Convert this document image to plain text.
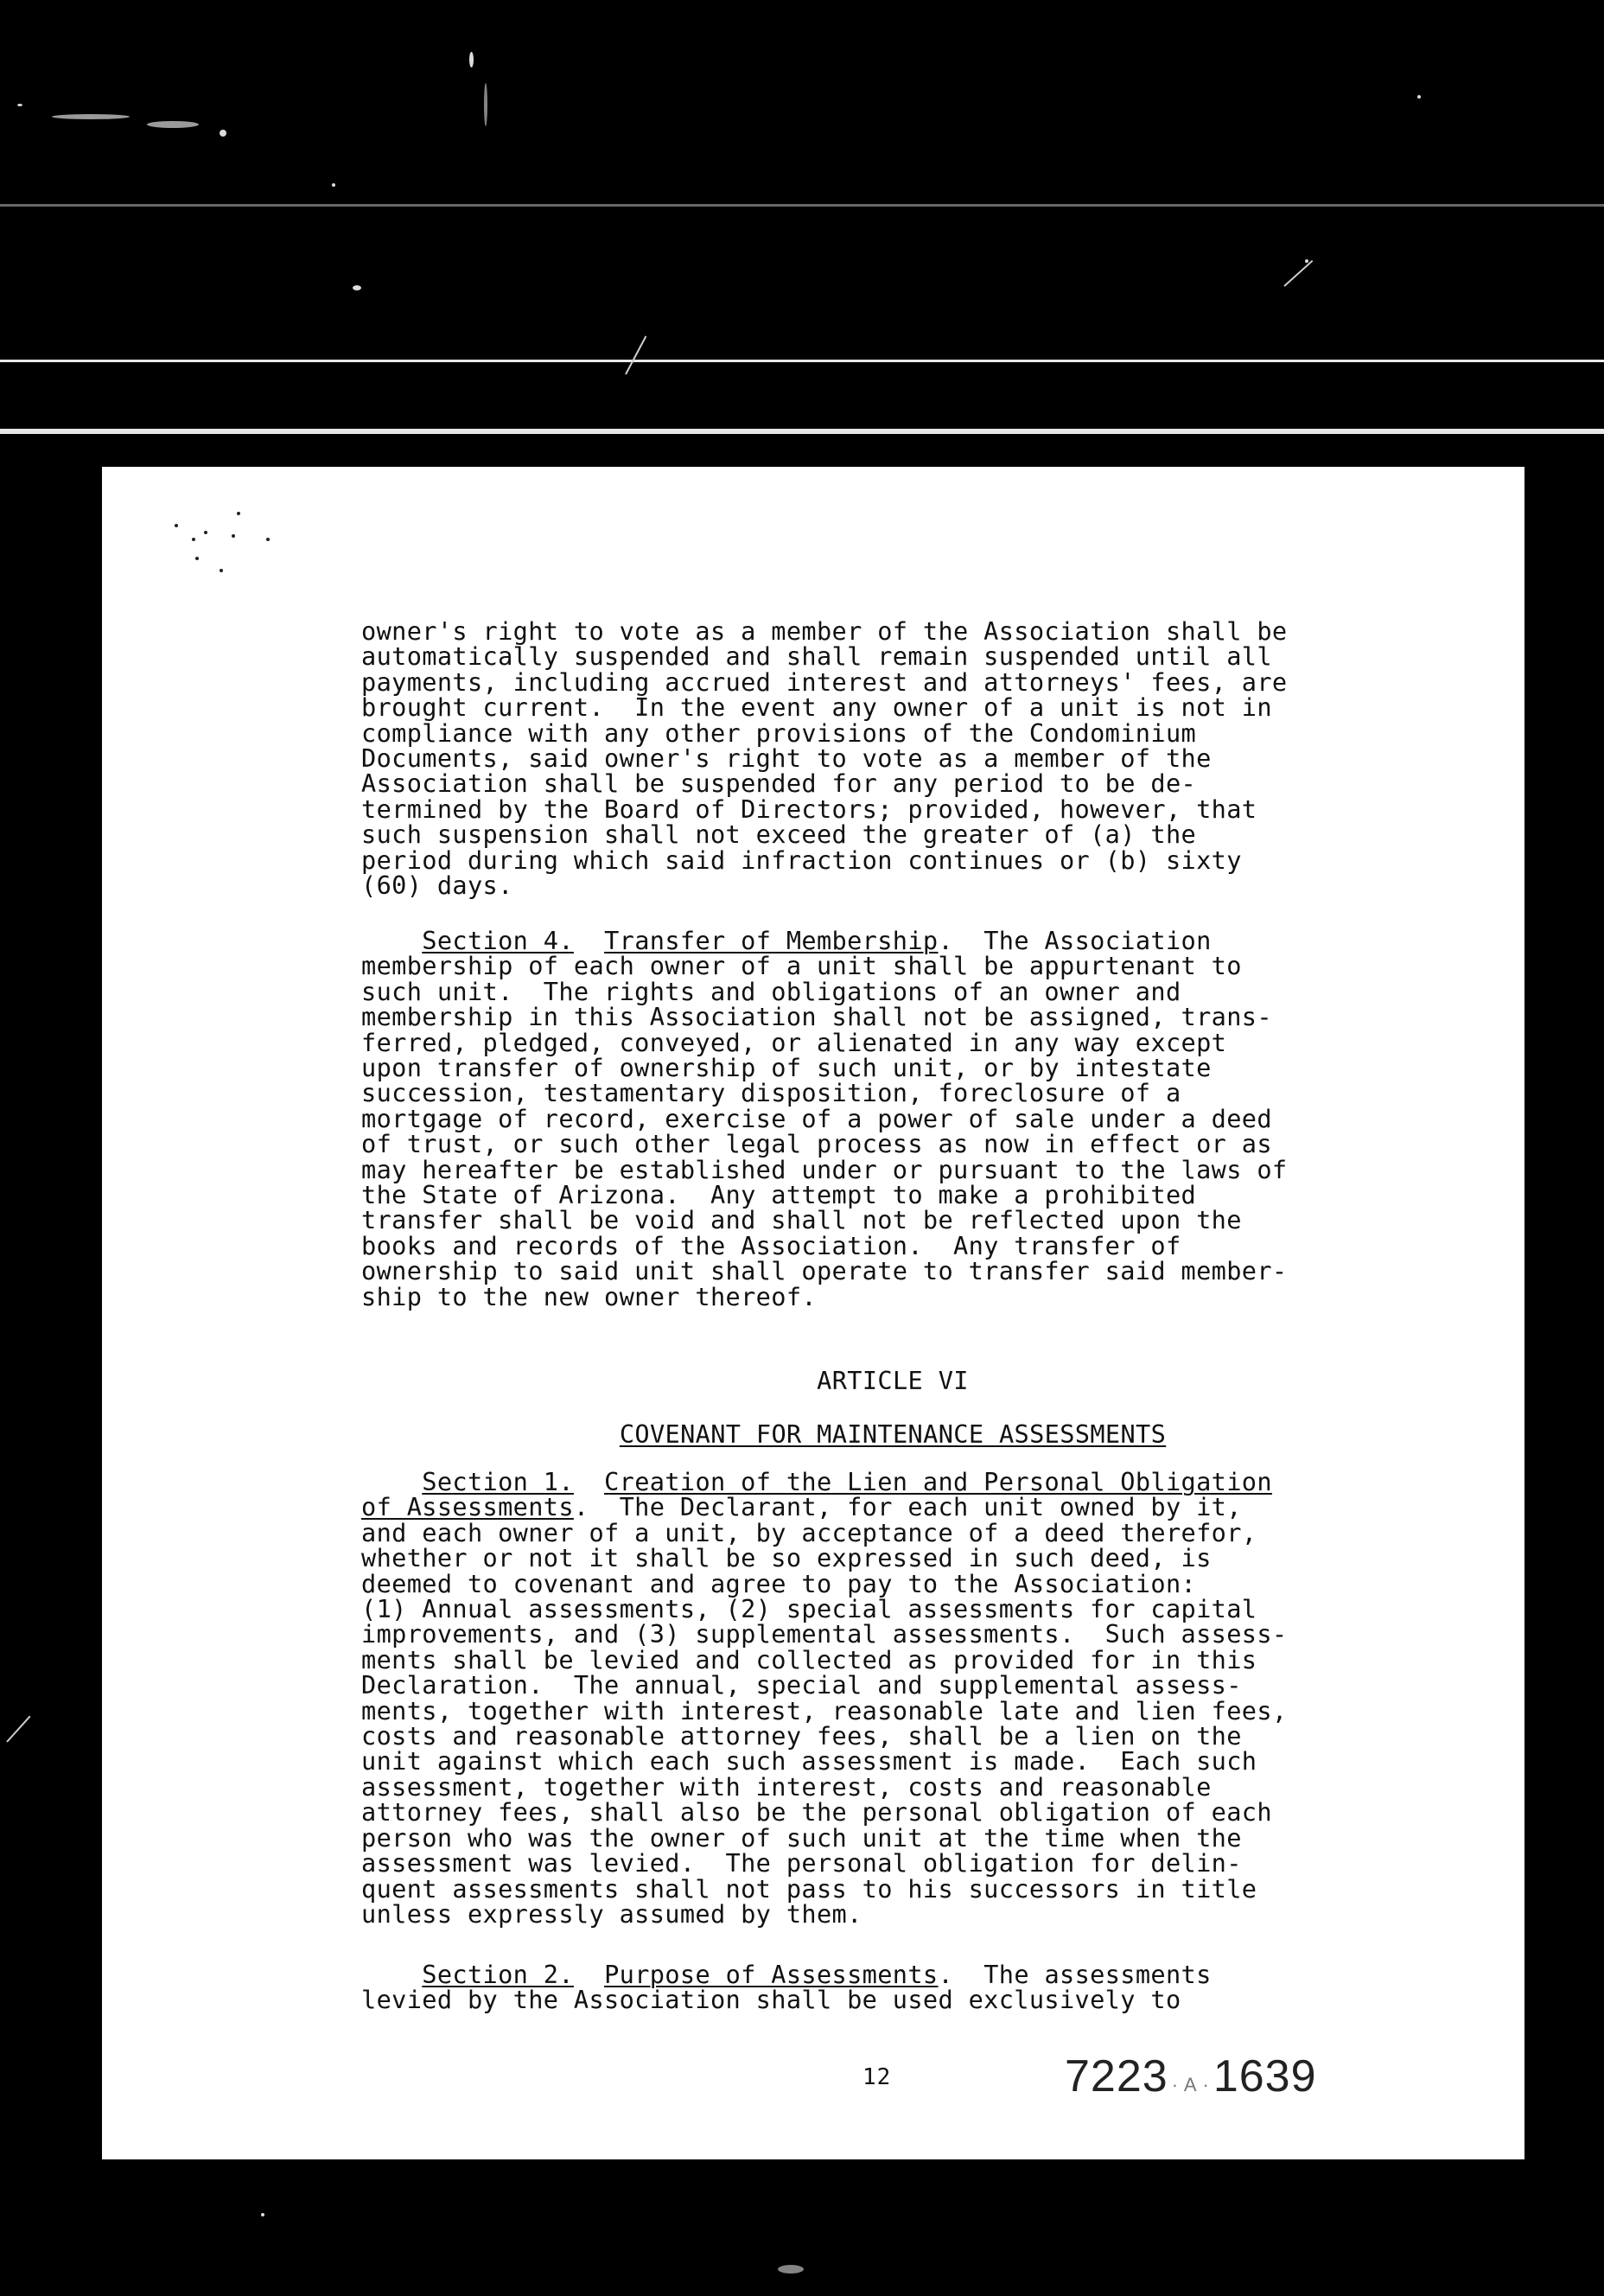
owner's right to vote as a member of the Association shall be
automatically suspended and shall remain suspended until all
payments, including accrued interest and attorneys' fees, are
brought current.  In the event any owner of a unit is not in
compliance with any other provisions of the Condominium
Documents, said owner's right to vote as a member of the
Association shall be suspended for any period to be de-
termined by the Board of Directors; provided, however, that
such suspension shall not exceed the greater of (a) the
period during which said infraction continues or (b) sixty
(60) days.
Section 4. Transfer of Membership.  The Association
membership of each owner of a unit shall be appurtenant to
such unit.  The rights and obligations of an owner and
membership in this Association shall not be assigned, trans-
ferred, pledged, conveyed, or alienated in any way except
upon transfer of ownership of such unit, or by intestate
succession, testamentary disposition, foreclosure of a
mortgage of record, exercise of a power of sale under a deed
of trust, or such other legal process as now in effect or as
may hereafter be established under or pursuant to the laws of
the State of Arizona.  Any attempt to make a prohibited
transfer shall be void and shall not be reflected upon the
books and records of the Association.  Any transfer of
ownership to said unit shall operate to transfer said member-
ship to the new owner thereof.
ARTICLE VI
COVENANT FOR MAINTENANCE ASSESSMENTS
Section 1. Creation of the Lien and Personal Obligation
of Assessments.  The Declarant, for each unit owned by it,
and each owner of a unit, by acceptance of a deed therefor,
whether or not it shall be so expressed in such deed, is
deemed to covenant and agree to pay to the Association:
(1) Annual assessments, (2) special assessments for capital
improvements, and (3) supplemental assessments.  Such assess-
ments shall be levied and collected as provided for in this
Declaration.  The annual, special and supplemental assess-
ments, together with interest, reasonable late and lien fees,
costs and reasonable attorney fees, shall be a lien on the
unit against which each such assessment is made.  Each such
assessment, together with interest, costs and reasonable
attorney fees, shall also be the personal obligation of each
person who was the owner of such unit at the time when the
assessment was levied.  The personal obligation for delin-
quent assessments shall not pass to his successors in title
unless expressly assumed by them.
Section 2. Purpose of Assessments.  The assessments
levied by the Association shall be used exclusively to
12	7223 · A ·1639
